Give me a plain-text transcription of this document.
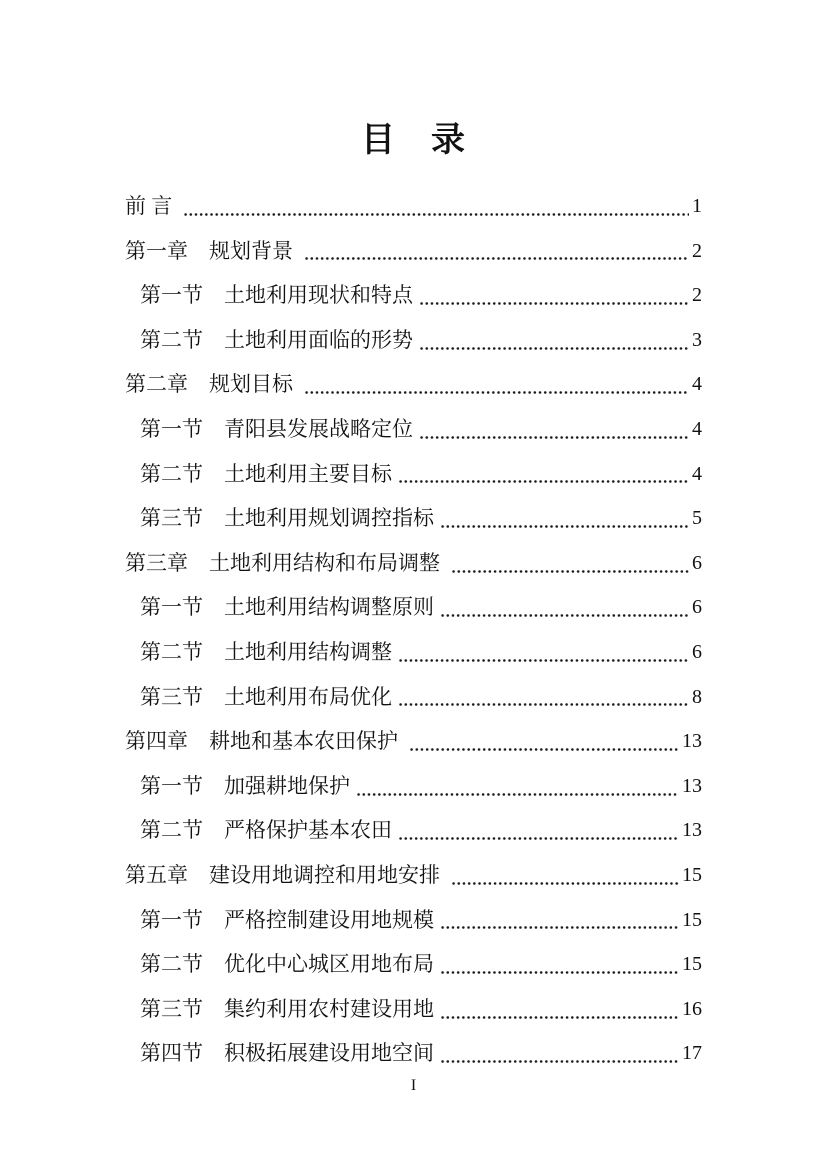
目　录
前 言	1
第一章　规划背景	2
第一节　土地利用现状和特点	2
第二节　土地利用面临的形势	3
第二章　规划目标	4
第一节　青阳县发展战略定位	4
第二节　土地利用主要目标	4
第三节　土地利用规划调控指标	5
第三章　土地利用结构和布局调整	6
第一节　土地利用结构调整原则	6
第二节　土地利用结构调整	6
第三节　土地利用布局优化	8
第四章　耕地和基本农田保护	13
第一节　加强耕地保护	13
第二节　严格保护基本农田	13
第五章　建设用地调控和用地安排	15
第一节　严格控制建设用地规模	15
第二节　优化中心城区用地布局	15
第三节　集约利用农村建设用地	16
第四节　积极拓展建设用地空间	17
I
